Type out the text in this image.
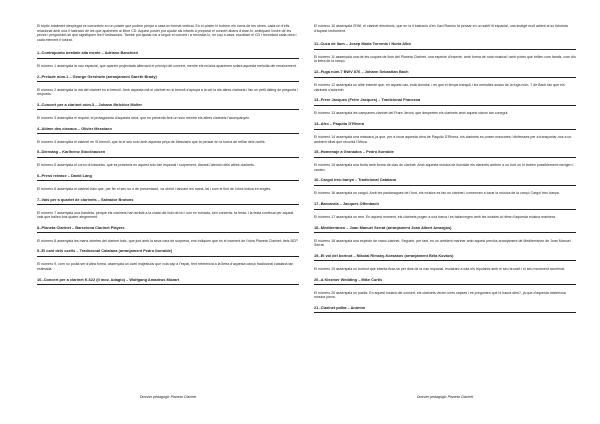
El tríptic totalment desplegat es converteix en un pòster que podem penjar a casa en format vertical. En el pòster hi trobem els noms de les obres, cada un d'ells relacionat amb una il·lustració de les que apareixen al llibre CD. Aquest pòster pot ajudar als infants a preparar el concert abans d'anar-hi, anticipant l'ordre de les peces i preguntant-se què signifiquen les il·lustracions. També pot ajudar-los a seguir el concert i a recordar-lo, un cop a casa, escoltant el CD i recordant cada obra i cada element il·lustrat.

1.-Contrapunto bestiale alla mente – Adriano Banchieri

El número 1 assenyala la nau espacial, que apareix projectada alternant el principi del concert, mentre els músics apareixen sulant aquesta melodia del renaixement.

2.-Prelude núm.1 – George Gershwin (arranjament Gareth Brady)

El número 2 assenyala la mà del clarinet en si bemoll. Amb aquesta mà el clarinet en si bemoll s'apropa a la cel·la als altres clarinets i fan un petit diàleg de pregunta i resposta.

3.-Concert per a clarinet núm.3 – Johann Melchior Molter

El número 3 assenyala el requint, el protagonista d'aquesta obra, que es presenta fent un solo mentre els altres clarinets l'acompanyen.

4.-Abîme des oiseaux – Olivier Messiaen

El número 4 assenyala el clarinet en Si bemoll, que fa el seu solo amb aquesta peça de Messiaen que fa pensar en la forma de refilar dels ocells.

5.-Dienstag – Karlheinz Stockhausen

El número 5 assenyala el corno di bassetto, què es presenta en aquest solo tan especial i sorprenent, davant l'atenció dels altres clarinets.

6.-Press release – David Lang

El número 6 assenyala el clarinet baix que, per fer el seu so o de presentació, va obrint i tancant les mans, tal i com el títol de l'obra indica en anglès.

7.-Vals per a quartet de clarinets – Salvador Brotons

El número 7 assenyala una bandeta, perquè els clarinets han arribat a la ciutat del llobi de bo i són en tornada, ben contents, fa festa. I la festa continua per aquest vals que ballen tots quatre alegrement.

8.-Planeta Clarinet – Barcelona Clarinet Players

El número 8 assenyala les mans obertes del clarinet baix, que junt amb la seva cara de sorpresa, ens indiquen que és el moment de l'obra Planeta Clarinet, dels BCP.

9.-El cant dels ocells – Tradicional Catalana (arranjament Pedro Iturralde)

El número 9, com no podia ser d'altra forma, assenyala un ocell majestuós que vola cap a l'espai, fent referència a la lletra d'aquesta cançó tradicional catalana tan estimada.

10.-Concert per a clarinet K.622 (II mov, Adagio) – Wolfgang Amadeus Mozart
Dossier pedagògic Planeta Clarinet

El número 10 assenyala l'EWI, el clarinet electrònic, que en la il·lustració d'en Xavi Ramiro fa pensar en un satèl·lit espacial, una imatge molt adient al so futurista d'aquest instrument.

11.-Cuca de llum – Josep Maria Torrents i Núria Albó

El número 11 assenyala una de les cuques de llum del Planeta Clarinet, una espècie d'insecte, amb forma de nota musical i amb potes que brillen com fanals, com diu la lletra de la cançó.

12.-Fuga núm.7 BWV 876 – Johann Sebastian Bach

El número 12 assenyala un altre insecte que, en aquest cas, està dormint, i es que el temps tranquil i les melodies suaus de la fuga núm. 7 de Bach fan que els clarinets s'adormin.

13.-Frere Jacques (Frère Jacques) – Tradicional Francesa

El número 13 assenyala les campanes-clarinet del Frare Jeroni, que desperten els clarinets amb aquest cànon tan conegut.

14.-Afro – Paquito D'Rivera

El número 14 assenyala una màscara, ja que, per a tocar aquesta obra de Paquito D'Rivera, els clarinets es posen mascares i disfresses per a transportar-nos a un ambient tribal que recorda l'Àfrica.

15.-Homenaje a Granados – Pedro Iturralde

El número 15 assenyala una fruita amb forma de clau de clarinet. Amb aquesta música de Iturralde els clarinets arriben a un hort on hi troben possiblement mengen i canten.

16.-Cargol treu banya – Tradicional Catalana

El número 16 assenyala un cargol. Amb les pastanagues de l'hort, els músics es fan un clarinet i comencen a tocar la música de la cançó Cargol treu banya.

17.-Barcarola – Jacques Offenbach

El número 17 assenyala un rem. En aquest moment, els clarinets pugen a una barca i es balancegen amb les onades al ritme d'aquesta música marinera.

18.-Mediterràneo – Joan Manuel Serrat (arranjament Joan Albert Amargós)

El número 18 assenyala una espècie de cranc-clarinet. Segueix, per tant, en un ambient mariner amb aquest preciós arranjament de Mediterràneo de Joan Manuel Serrat.

19.-El vol del borinot – Nikolai Rimsky-Kórsakov (arranjament Béla Kovács)

El número 19 assenyala un borinot que intenta ficar-se per dins de la nau espacial, esvairant a tota els tripulants amb el seu brunzit i el seu moviment accelerat.

20.-A Klezmer Wedding – Mike Curtis

El número 20 assenyala un pastis. En aquest instant del concert, els clarinets veuen unes capses i es pregunten què hi haurà dins?, ja que d'aquesta misteriosa música jueva.

21.-Clarinet polka – Anònim
Dossier pedagògic Planeta Clarinet
